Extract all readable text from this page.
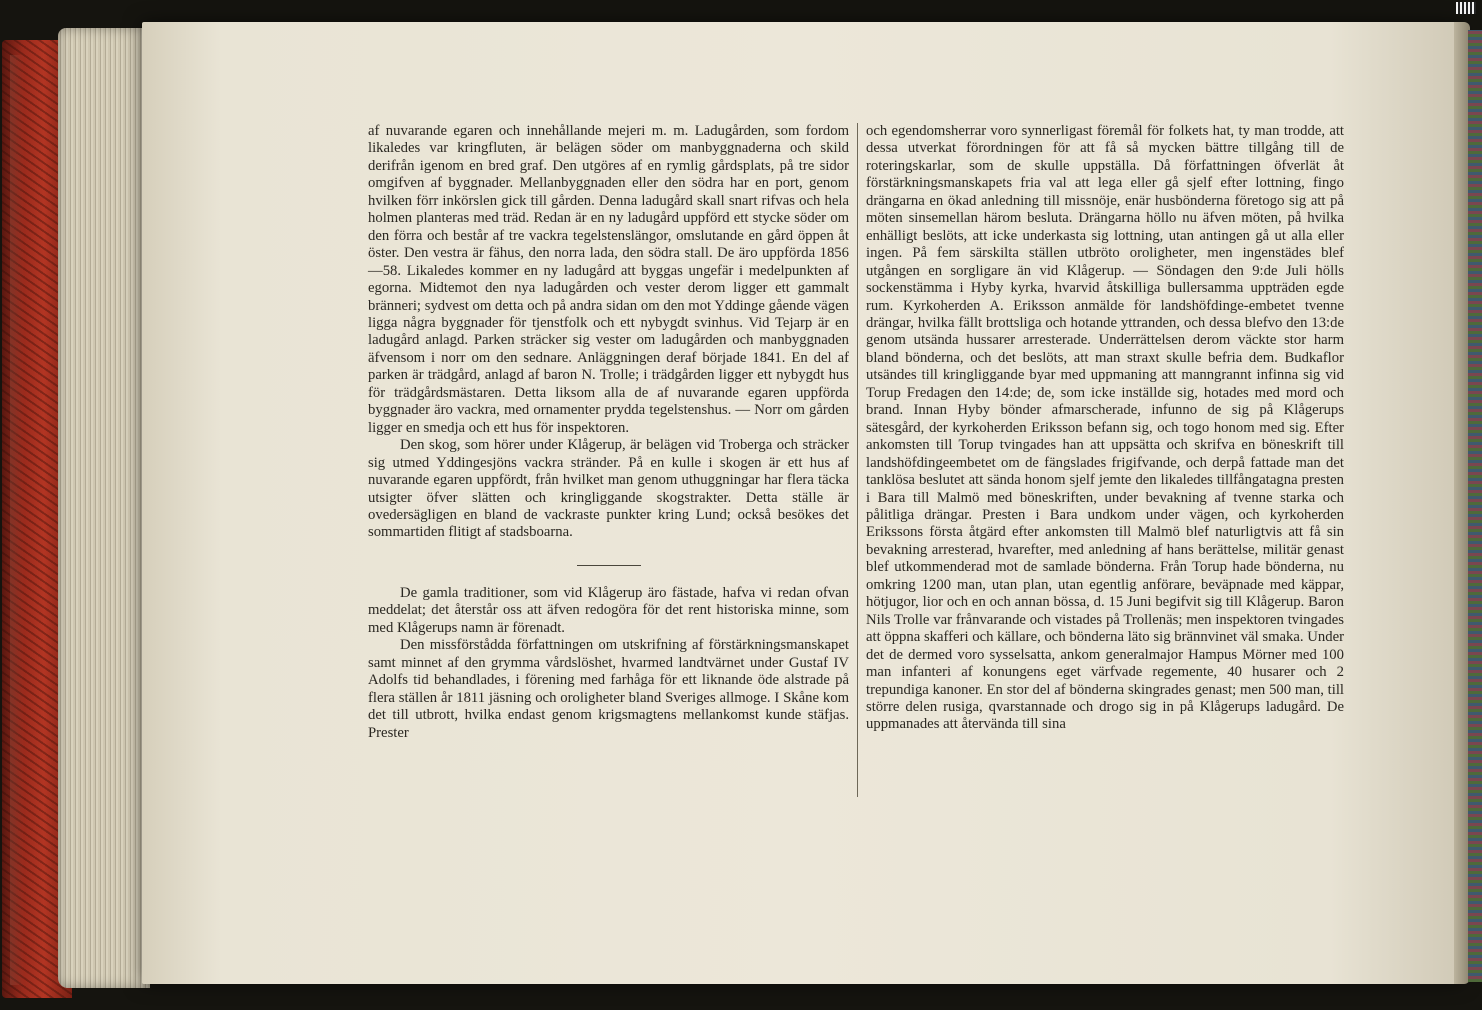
af nuvarande egaren och innehållande mejeri m. m. Ladugården, som fordom likaledes var kringfluten, är belägen söder om manbyggnaderna och skild derifrån igenom en bred graf. Den utgöres af en rymlig gårdsplats, på tre sidor omgifven af byggnader. Mellanbyggnaden eller den södra har en port, genom hvilken förr inkörslen gick till gården. Denna ladugård skall snart rifvas och hela holmen planteras med träd. Redan är en ny ladugård uppförd ett stycke söder om den förra och består af tre vackra tegelstenslängor, omslutande en gård öppen åt öster. Den vestra är fähus, den norra lada, den södra stall. De äro uppförda 1856—58. Likaledes kommer en ny ladugård att byggas ungefär i medelpunkten af egorna. Midtemot den nya ladugården och vester derom ligger ett gammalt bränneri; sydvest om detta och på andra sidan om den mot Yddinge gående vägen ligga några byggnader för tjenstfolk och ett nybygdt svinhus. Vid Tejarp är en ladugård anlagd. Parken sträcker sig vester om ladugården och manbyggnaden äfvensom i norr om den sednare. Anläggningen deraf började 1841. En del af parken är trädgård, anlagd af baron N. Trolle; i trädgården ligger ett nybygdt hus för trädgårdsmästaren. Detta liksom alla de af nuvarande egaren uppförda byggnader äro vackra, med ornamenter prydda tegelstenshus. — Norr om gården ligger en smedja och ett hus för inspektoren.

Den skog, som hörer under Klågerup, är belägen vid Troberga och sträcker sig utmed Yddingesjöns vackra stränder. På en kulle i skogen är ett hus af nuvarande egaren uppfördt, från hvilket man genom uthuggningar har flera täcka utsigter öfver slätten och kringliggande skogstrakter. Detta ställe är ovedersägligen en bland de vackraste punkter kring Lund; också besökes det sommartiden flitigt af stadsboarna.

De gamla traditioner, som vid Klågerup äro fästade, hafva vi redan ofvan meddelat; det återstår oss att äfven redogöra för det rent historiska minne, som med Klågerups namn är förenadt.

Den missförstådda författningen om utskrifning af förstärkningsmanskapet samt minnet af den grymma vårdslöshet, hvarmed landtvärnet under Gustaf IV Adolfs tid behandlades, i förening med farhåga för ett liknande öde alstrade på flera ställen år 1811 jäsning och oroligheter bland Sveriges allmoge. I Skåne kom det till utbrott, hvilka endast genom krigsmagtens mellankomst kunde stäfjas. Prester

och egendomsherrar voro synnerligast föremål för folkets hat, ty man trodde, att dessa utverkat förordningen för att få så mycken bättre tillgång till de roteringskarlar, som de skulle uppställa. Då författningen öfverlät åt förstärkningsmanskapets fria val att lega eller gå sjelf efter lottning, fingo drängarna en ökad anledning till missnöje, enär husbönderna företogo sig att på möten sinsemellan härom besluta. Drängarna höllo nu äfven möten, på hvilka enhälligt beslöts, att icke underkasta sig lottning, utan antingen gå ut alla eller ingen. På fem särskilta ställen utbröto oroligheter, men ingenstädes blef utgången en sorgligare än vid Klågerup. — Söndagen den 9:de Juli hölls sockenstämma i Hyby kyrka, hvarvid åtskilliga bullersamma uppträden egde rum. Kyrkoherden A. Eriksson anmälde för landshöfdinge-embetet tvenne drängar, hvilka fällt brottsliga och hotande yttranden, och dessa blefvo den 13:de genom utsända hussarer arresterade. Underrättelsen derom väckte stor harm bland bönderna, och det beslöts, att man straxt skulle befria dem. Budkaflor utsändes till kringliggande byar med uppmaning att manngrannt infinna sig vid Torup Fredagen den 14:de; de, som icke inställde sig, hotades med mord och brand. Innan Hyby bönder afmarscherade, infunno de sig på Klågerups sätesgård, der kyrkoherden Eriksson befann sig, och togo honom med sig. Efter ankomsten till Torup tvingades han att uppsätta och skrifva en böneskrift till landshöfdingeembetet om de fängslades frigifvande, och derpå fattade man det tanklösa beslutet att sända honom sjelf jemte den likaledes tillfångatagna presten i Bara till Malmö med böneskriften, under bevakning af tvenne starka och pålitliga drängar. Presten i Bara undkom under vägen, och kyrkoherden Erikssons första åtgärd efter ankomsten till Malmö blef naturligtvis att få sin bevakning arresterad, hvarefter, med anledning af hans berättelse, militär genast blef utkommenderad mot de samlade bönderna. Från Torup hade bönderna, nu omkring 1200 man, utan plan, utan egentlig anförare, beväpnade med käppar, hötjugor, lior och en och annan bössa, d. 15 Juni begifvit sig till Klågerup. Baron Nils Trolle var frånvarande och vistades på Trollenäs; men inspektoren tvingades att öppna skafferi och källare, och bönderna läto sig brännvinet väl smaka. Under det de dermed voro sysselsatta, ankom generalmajor Hampus Mörner med 100 man infanteri af konungens eget värfvade regemente, 40 husarer och 2 trepundiga kanoner. En stor del af bönderna skingrades genast; men 500 man, till större delen rusiga, qvarstannade och drogo sig in på Klågerups ladugård. De uppmanades att återvända till sina
